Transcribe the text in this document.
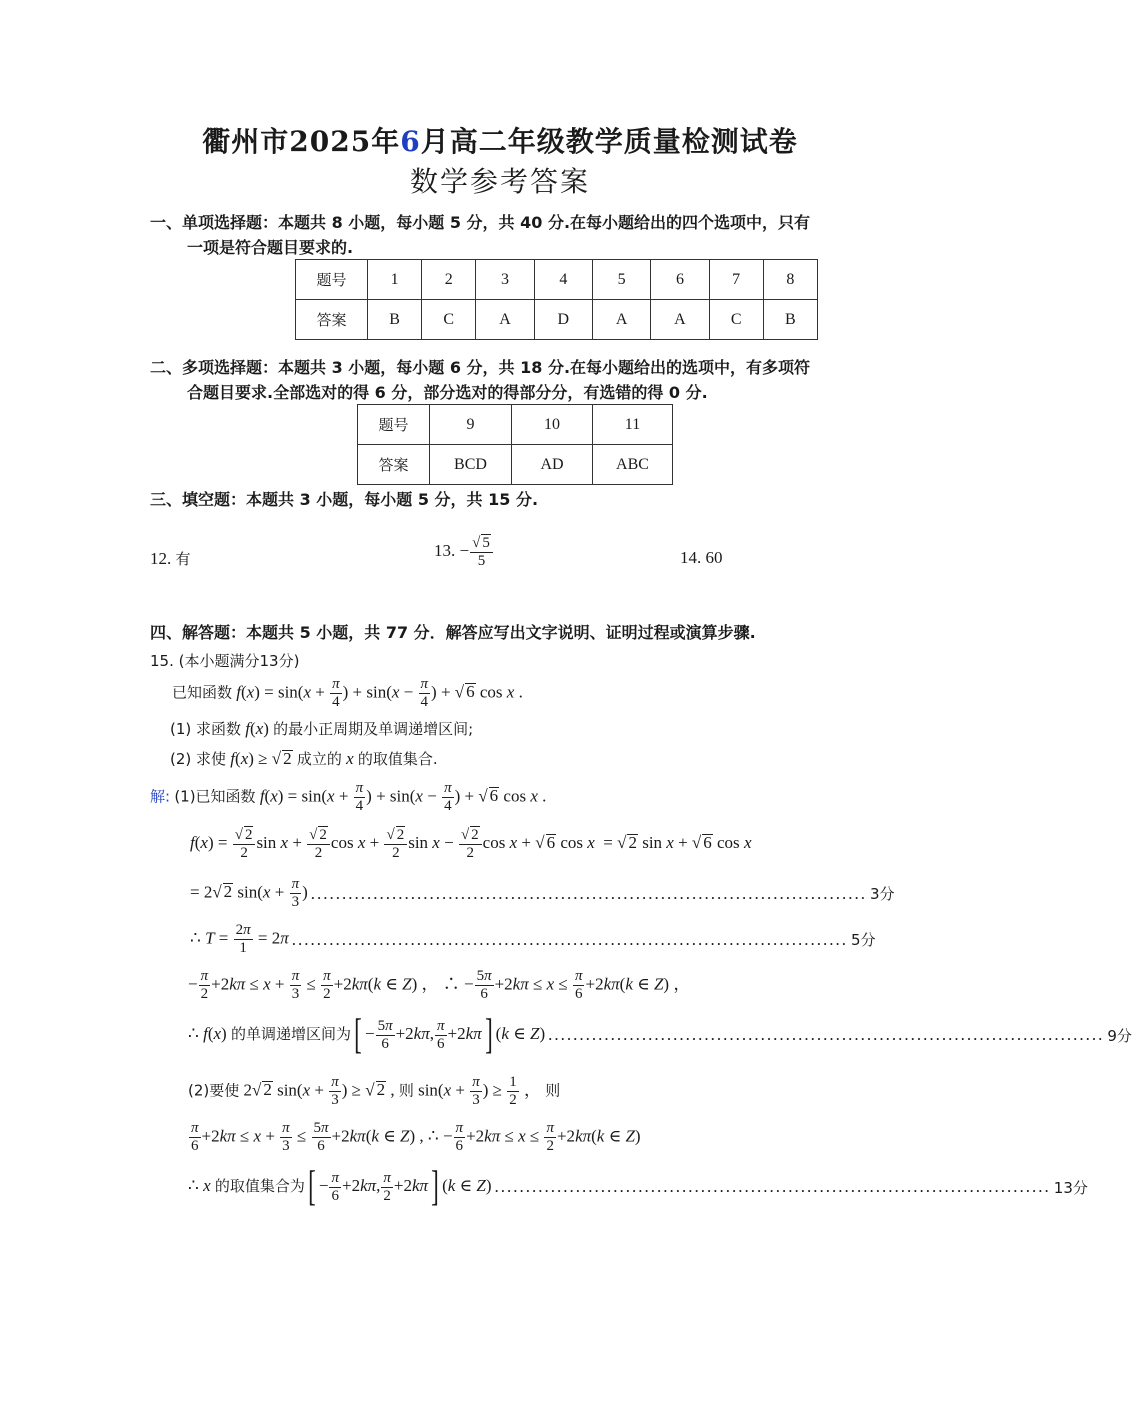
衢州市2025年6月高二年级教学质量检测试卷
数学参考答案
一、单项选择题：本题共 8 小题，每小题 5 分，共 40 分.在每小题给出的四个选项中，只有
一项是符合题目要求的.
题号	1	2	3	4	5	6	7	8
答案	B	C	A	D	A	A	C	B
二、多项选择题：本题共 3 小题，每小题 6 分，共 18 分.在每小题给出的选项中，有多项符
合题目要求.全部选对的得 6 分，部分选对的得部分分，有选错的得 0 分.
题号	9	10	11
答案	BCD	AD	ABC
三、填空题：本题共 3 小题，每小题 5 分，共 15 分.
12. 有	13. − $\frac{√ 5}{5}$	14. 60
四、解答题：本题共 5 小题，共 77 分．解答应写出文字说明、证明过程或演算步骤.
15. (本小题满分13分)
已知函数 $f(x) = \sin(x + \frac{\pi}{4}$ ) + $\sin(x - \frac{\pi}{4}$ ) + √ 6 cos x .
(1) 求函数 f(x) 的最小正周期及单调递增区间;
(2) 求使 f(x) ≥ √ 2 成立的 x 的取值集合.
解: (1)已知函数 $f(x) = \sin(x + \frac{\pi}{4}$ ) + $\sin(x - \frac{\pi}{4}$ ) + √ 6 cos x .
$f(x) = \frac{√ 2}{2}$ $\sin x + \frac{√ 2}{2}$ $\cos x + \frac{√ 2}{2}$ $\sin x - \frac{√ 2}{2}$ cos x + √ 6 cos x  = √ 2 sin x + √ 6 cos x
= 2√ 2 $\sin(x + \frac{\pi}{3}$ ) ......................................................................................... 3分
∴ $T = \frac{2\pi}{1} = 2\pi$ ......................................................................................... 5分
− $\frac{\pi}{2} +2k\pi \le x + \frac{\pi}{3} \le \frac{\pi}{2} +2k\pi(k$ ∈ Z) ， ∴ − $\frac{5\pi}{6} +2k\pi \le x \le \frac{\pi}{6} +2k\pi(k$ ∈ Z) ，
∴ f(x) 的单调递增区间为[ − $\frac{5\pi}{6} +2k\pi$, $\frac{\pi}{6} +2k\pi$] (k ∈ Z) ......................................................................................... 9分
(2)要使 2√ 2 $\sin(x + \frac{\pi}{3}$ ) ≥ √ 2 , 则 $\sin(x + \frac{\pi}{3}$ ) ≥ $\frac{1}{2}$ ， 则
$\frac{\pi}{6} +2k\pi \le x + \frac{\pi}{3} \le \frac{5\pi}{6} +2k\pi(k$ ∈ Z) , ∴ − $\frac{\pi}{6} +2k\pi \le x \le \frac{\pi}{2} +2k\pi(k$ ∈ Z)
∴ x 的取值集合为[ − $\frac{\pi}{6} +2k\pi$, $\frac{\pi}{2} +2k\pi$] (k ∈ Z) ......................................................................................... 13分
